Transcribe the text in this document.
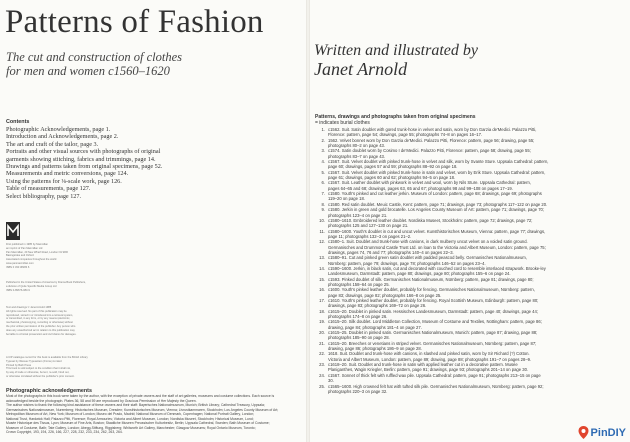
Patterns of Fashion
The cut and construction of clothes
for men and women c1560–1620
Contents
Photographic Acknowledgements, page 1.
Introduction and Acknowledgements, page 2.
The art and craft of the tailor, page 3.
Portraits and other visual sources with photographs of original
garments showing stitching, fabrics and trimmings, page 14.
Drawings and patterns taken from original specimens, page 52.
Measurements and metric conversions, page 124.
Using the patterns for ⅛-scale work, page 126.
Table of measurements, page 127.
Select bibliography, page 127.
First published in 1985 by Macmillan
an imprint of Pan Macmillan Ltd
Pan Macmillan, 20 New Wharf Road, London N1 9RR
Basingstoke and Oxford
Associated companies throughout the world
www.panmacmillan.com
ISBN 0 333 38284 6
Published in the United States of America by Drama Book Publishers,
a division of Quite Specific Media Group Ltd
ISBN 0-89676-083-9
Text and drawings © Janet Arnold 1985
All rights reserved. No part of this publication may be
reproduced, stored in or introduced into a retrieval system,
or transmitted, in any form, or by any means (electronic,
mechanical, photocopying, recording or otherwise) without
the prior written permission of the publisher. Any person who
does any unauthorized act in relation to this publication may
be liable to criminal prosecution and civil claims for damages.
A CIP catalogue record for this book is available from the British Library
Typeset by Wessex Typesetters (Frome) Limited
Printed by Bath Press
This book is sold subject to the condition that it shall not,
by way of trade or otherwise, be lent, re-sold, hired out,
or otherwise circulated without the publisher's prior consent.
Photographic acknowledgements
Most of the photographs in this book were taken by the author, with the exception of private owners and the staff of art galleries, museums and costume collections. Each source is
acknowledged beside the photograph. Plates 36, 58 and 59 are reproduced by Gracious Permission of Her Majesty the Queen.
The author wishes to thank the following kind assistance of these owners and their staff: Bayerisches Nationalmuseum, Munich; British Library; Cathedral Treasury, Uppsala;
Germanisches Nationalmuseum, Nuremberg; Historisches Museum, Dresden; Kunsthistorisches Museum, Vienna; Livrustkammaren, Stockholm; Los Angeles County Museum of Art;
Metropolitan Museum of Art, New York; Museum of London; Museo del Prado, Madrid; National Museum of Denmark, Copenhagen; National Portrait Gallery, London;
National Trust, Hardwick Hall; Palazzo Pitti, Florence; Royal Armouries; Victoria and Albert Museum, London; Nordiska Museet, Stockholm; Historical Museum, Lund;
Musée Historique des Tissus, Lyon; Museum of Fine Arts, Boston; Staatliche Museen Preussischer Kulturbesitz, Berlin; Uppsala Cathedral, Sweden; Bath Museum of Costume;
Museum of Costume, Bath; Tate Gallery, London; Abegg-Stiftung, Riggisberg; Whitworth Art Gallery, Manchester; Glasgow Museums; Royal Ontario Museum, Toronto;
Crown Copyright, 193, 194, 226, 166, 227, 228, 232, 233, 234, 262, 263, 264.
Written and illustrated by
Janet Arnold
Patterns, drawings and photographs taken from original specimens
= indicates burial clothes
1. c1562. Suit. Satin doublet with gored trunk-hose in velvet and satin, worn by Don Garzia de'Medici. Palazzo Pitti,
Florence: pattern, page 54; drawings, page 55; photographs 74–8 on pages 16–17.
2. 1562. Velvet bonnet worn by Don Garzia de'Medici. Palazzo Pitti, Florence: pattern, page 56; drawing, page 55;
photographs 80–2 on page 43.
3. c1574. Satin doublet worn by Cosimo I de'Medici. Palazzo Pitti, Florence: pattern, page 58; drawing, page 55;
photographs 83–7 on page 43.
4. c1567. Suit. Velvet doublet with pinked trunk-hose in velvet and silk, worn by Svante Sture. Uppsala Cathedral: pattern,
page 60; drawings, pages 57 and 59; photographs 88–92 on page 18.
5. c1567. Suit. Velvet doublet with pinked trunk-hose in satin and velvet, worn by Erik Sture. Uppsala Cathedral: pattern,
page 61; drawings, pages 60 and 62; photographs 94–5 on page 18.
6. c1567. Suit. Leather doublet with pinkwork in velvet and wool, worn by Nils Sture. Uppsala Cathedral: pattern,
pages 64–65 and 68; drawings, pages 63, 65 and 67; photographs 98 and 99–108 on pages 17–19.
7. c1580. Youth's pinked and cut leather jerkin. Museum of London: pattern, page 68; drawings, page 69; photographs
119–20 on page 18.
8. c1580. Red satin doublet. Meuic Castle, Kent: pattern, page 71; drawings, page 73; photographs 117–122 on page 20.
9. c1580. Jerkin in green and gold brocatelle. Los Angeles County Museum of Art: pattern, page 71; drawings, page 70;
photographs 123–4 on page 21.
10. c1580–1610. Embroidered leather doublet. Nordiska Museet, Stockholm: pattern, page 72; drawings, page 72;
photographs 125 and 127–130 on page 21.
11. c1580–1600. Youth's doublet in cut and uncut velvet. Kunsthistorisches Museum, Vienna: pattern, page 77; drawings,
page 11; photographs 132–3 on pages 21–2.
12. c1580–1. Suit. Doublet and trunk-hose with canions, in dark mulberry uncut velvet on a voided satin ground.
Germanisches and Drummond Castle Trust Ltd. on loan to the Victoria and Albert Museum, London: pattern, page 75;
drawings, pages 74, 76 and 77; photographs 140–4 on pages 22–3.
13. c1580–91. Cut and pinked green satin doublet with padded peascod belly. Germanisches Nationalmuseum,
Nürnberg: pattern, page 79; drawings, page 78; photographs 146–52 on pages 23–4.
14. c1590–1600. Jerkin, in black satin, cut and decorated with couched cord to resemble interlaced strapwork. Brooke-ley
Landesmuseum, Darmstadt: pattern, page 80; drawings, page 80; photographs 155–6 on page 24.
15. c1593. Pinked doublet of silk. Germanisches Nationalmuseum, Nürnberg: pattern, page 81; drawings, page 80;
photographs 158–64 on page 25.
16. c1600. Youth's pinked leather doublet, probably for fencing. Germanisches Nationalmuseum, Nürnberg: pattern,
page 83; drawings, page 82; photographs 166–8 on page 25.
17. c1610. Youth's pinked leather doublet, probably for fencing. Royal Scottish Museum, Edinburgh: pattern, page 80;
drawings, page 83; photographs 169–72 on page 26.
18. c1615–20. Doublet in pinked satin. Hessisches Landesmuseum, Darmstadt: pattern, page 40; drawings, page 44;
photographs 174–8 on page 26.
19. c1615–20. Silk doublet. Lord Middleton Collection, Museum of Costume and Textiles, Nottingham: pattern, page 86;
drawing, page 84; photographs 181–4 on page 27.
20. c1615–25. Doublet in pinked satin. Germanisches Nationalmuseum, Munich: pattern, page 87; drawing, page 88;
photographs 185–90 on page 28.
21. c1615–20. Breeches or venetians in striped velvet. Germanisches Nationalmuseum, Nürnberg: pattern, page 87;
drawing, page 86; photographs 186–9 on page 28.
22. 1618. Suit. Doublet and trunk-hose with canions, in slashed and pinked satin, worn by Sir Richard (?) Cotton.
Victoria and Albert Museum, London: pattern, page 89; drawing, page 88; photographs 191–7 on pages 28–9.
23. c1618–20. Suit. Doublet and trunk-hose in satin with applied leather cut in a decorative pattern. Musée
Planiganthes, Wagin Kriegler, Berlin: pattern, page 91; drawings, page 93; photographs 201–14 on page 30.
24. c1567. Sonnet of thick felt with ruffled wax pile. Uppsala Cathedral: pattern, page 91; photographs 213–15 on page
30.
25. c1565–1600. High crowned felt hat with tufted silk pile. Germanisches Nationalmuseum, Nürnberg: pattern, page 92;
photographs 220–3 on page 32.
PinDIY
